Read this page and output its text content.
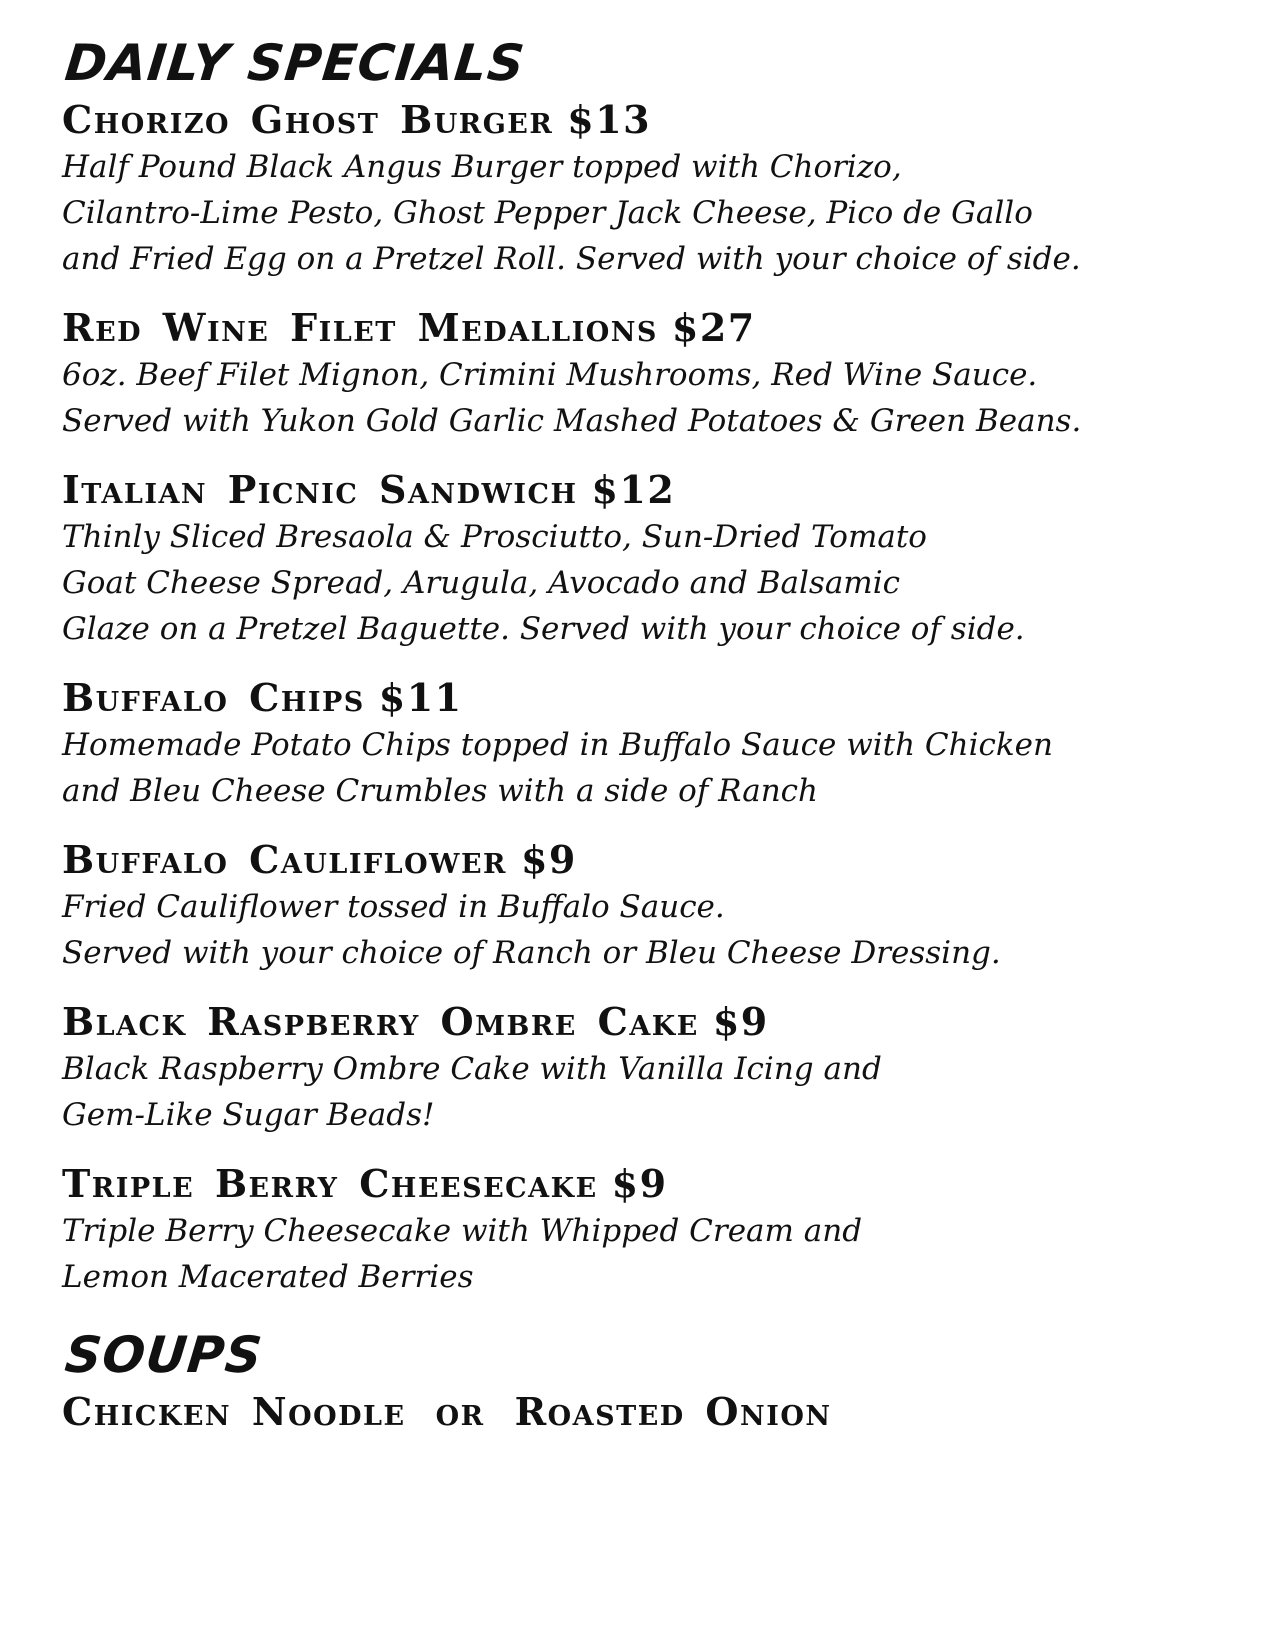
DAILY SPECIALS
Chorizo Ghost Burger $13

Half Pound Black Angus Burger topped with Chorizo,
Cilantro-Lime Pesto, Ghost Pepper Jack Cheese, Pico de Gallo
and Fried Egg on a Pretzel Roll. Served with your choice of side.

Red Wine Filet Medallions $27

6oz. Beef Filet Mignon, Crimini Mushrooms, Red Wine Sauce.
Served with Yukon Gold Garlic Mashed Potatoes & Green Beans.

Italian Picnic Sandwich $12

Thinly Sliced Bresaola & Prosciutto, Sun-Dried Tomato
Goat Cheese Spread, Arugula, Avocado and Balsamic
Glaze on a Pretzel Baguette. Served with your choice of side.

Buffalo Chips $11

Homemade Potato Chips topped in Buffalo Sauce with Chicken
and Bleu Cheese Crumbles with a side of Ranch

Buffalo Cauliflower $9

Fried Cauliflower tossed in Buffalo Sauce.
Served with your choice of Ranch or Bleu Cheese Dressing.

Black Raspberry Ombre Cake $9

Black Raspberry Ombre Cake with Vanilla Icing and
Gem-Like Sugar Beads!

Triple Berry Cheesecake $9

Triple Berry Cheesecake with Whipped Cream and
Lemon Macerated Berries

SOUPS
Chicken Noodle or Roasted Onion
